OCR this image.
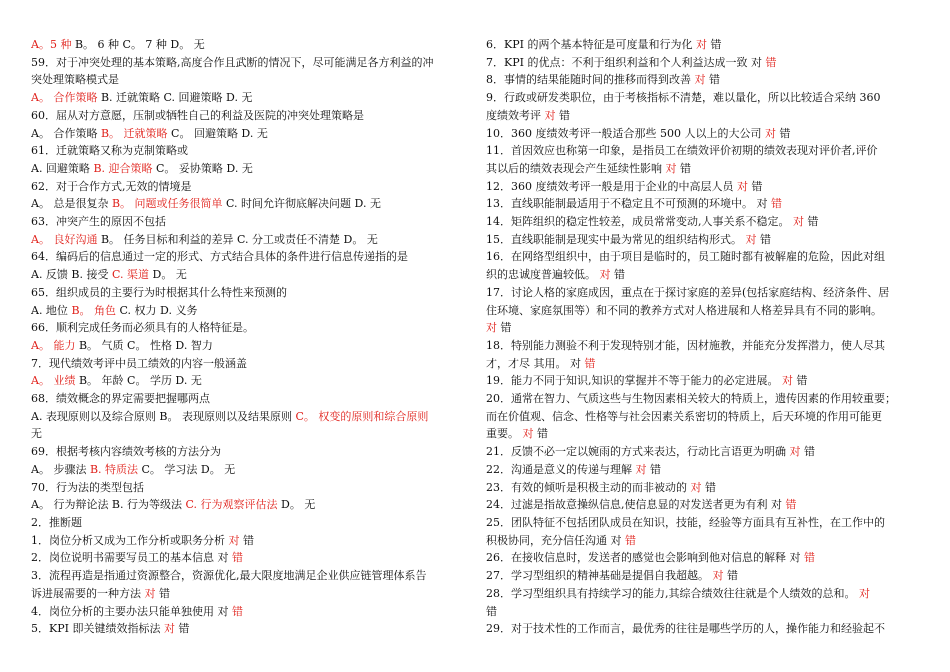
A。5 种 B。 6 种 C。 7 种 D。 无
59．对于冲突处理的基本策略,高度合作且武断的情况下，尽可能满足各方利益的冲
突处理策略模式是
A。 合作策略 B. 迁就策略 C. 回避策略 D. 无
60．屈从对方意愿，压制或牺牲自己的利益及医院的冲突处理策略是
A。 合作策略 B。 迁就策略 C。 回避策略 D. 无
61．迁就策略又称为克制策略或
A. 回避策略 B. 迎合策略 C。 妥协策略 D. 无
62．对于合作方式,无效的情境是
A。 总是很复杂 B。 问题或任务很简单 C. 时间允许彻底解决问题 D. 无
63．冲突产生的原因不包括
A。 良好沟通 B。 任务目标和利益的差异 C. 分工或责任不清楚 D。 无
64．编码后的信息通过一定的形式、方式结合具体的条件进行信息传递指的是
A. 反馈 B. 接受 C. 渠道 D。 无
65．组织成员的主要行为时根据其什么特性来预测的
A. 地位 B。 角色 C. 权力 D. 义务
66．顺利完成任务而必须具有的人格特征是。
A。 能力 B。 气质 C。 性格 D. 智力
7．现代绩效考评中员工绩效的内容一般涵盖
A。 业绩 B。 年龄 C。 学历 D. 无
68．绩效概念的界定需要把握哪两点
A. 表现原则以及综合原则 B。 表现原则以及结果原则 C。 权变的原则和综合原则
无
69．根据考核内容绩效考核的方法分为
A。 步骤法 B. 特质法 C。 学习法 D。 无
70．行为法的类型包括
A。 行为辩论法 B. 行为等级法 C. 行为观察评估法 D。 无
2．推断题
1．岗位分析又成为工作分析或职务分析 对 错
2．岗位说明书需要写员工的基本信息 对 错
3．流程再造是指通过资源整合，资源优化,最大限度地满足企业供应链管理体系告
诉进展需要的一种方法 对 错
4．岗位分析的主要办法只能单独使用 对 错
5．KPI 即关键绩效指标法 对 错
6．KPI 的两个基本特征是可度量和行为化 对 错
7．KPI 的优点：不利于组织利益和个人利益达成一致 对 错
8．事情的结果能随时间的推移而得到改善 对 错
9．行政或研发类职位，由于考核指标不清楚，难以量化，所以比较适合采纳 360
度绩效考评 对 错
10．360 度绩效考评一般适合那些 500 人以上的大公司 对 错
11．首因效应也称第一印象，是指员工在绩效评价初期的绩效表现对评价者,评价
其以后的绩效表现会产生延续性影响 对 错
12．360 度绩效考评一般是用于企业的中高层人员 对 错
13．直线职能制最适用于不稳定且不可预测的环境中。 对 错
14．矩阵组织的稳定性较差，成员常常变动,人事关系不稳定。 对 错
15．直线职能制是现实中最为常见的组织结构形式。 对 错
16．在网络型组织中，由于项目是临时的，员工随时都有被解雇的危险，因此对组
织的忠诚度普遍较低。 对 错
17．讨论人格的家庭成因，重点在于探讨家庭的差异(包括家庭结构、经济条件、居
住环境、家庭氛围等）和不同的教养方式对人格进展和人格差异具有不同的影响。
对 错
18．特别能力测验不利于发现特别才能，因材施教，并能充分发挥潜力，使人尽其
才，才尽 其用。 对 错
19．能力不同于知识,知识的掌握并不等于能力的必定进展。 对 错
20．通常在智力、气质这些与生物因素相关较大的特质上，遗传因素的作用较重要；
而在价值观、信念、性格等与社会因素关系密切的特质上，后天环境的作用可能更
重要。 对 错
21．反馈不必一定以婉雨的方式来表达，行动比言语更为明确 对 错
22．沟通是意义的传递与理解 对 错
23．有效的倾听是积极主动的而非被动的 对 错
24．过滤是指故意操纵信息,使信息显的对发送者更为有利 对 错
25．团队特征不包括团队成员在知识，技能，经验等方面具有互补性，在工作中的
积极协同，充分信任沟通 对 错
26．在接收信息时，发送者的感觉也会影响到他对信息的解释 对 错
27．学习型组织的精神基础是提倡自我超越。 对 错
28．学习型组织具有持续学习的能力,其综合绩效往往就是个人绩效的总和。 对
错
29．对于技术性的工作而言，最优秀的往往是哪些学历的人，操作能力和经验起不
